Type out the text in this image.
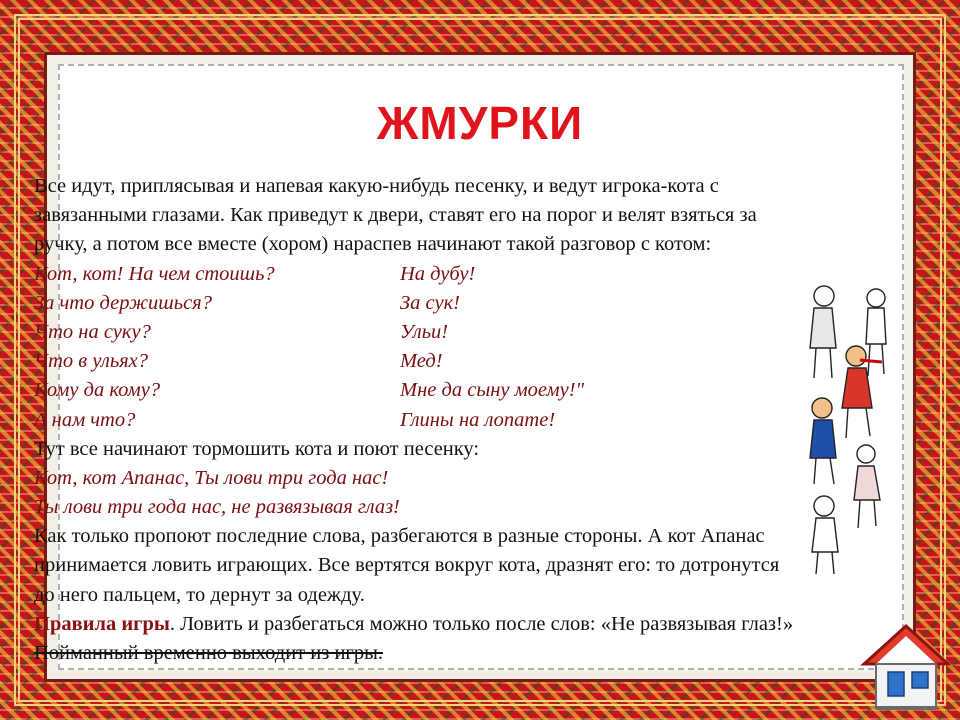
ЖМУРКИ
Все идут, приплясывая и напевая какую-нибудь песенку, и ведут игрока-кота с
завязанными глазами. Как приведут к двери, ставят его на порог и велят взяться за
ручку, а потом все вместе (хором) нараспев начинают такой разговор с котом:
Кот, кот! На чем стоишь?	На дубу!
За что держишься?	За сук!
Что на суку?	Ульи!
Что в ульях?	Мед!
Кому да кому?	Мне да сыну моему!"
А нам что?	Глины на лопате!
Тут все начинают тормошить кота и поют песенку:
Кот, кот Апанас, Ты лови три года нас!
Ты лови три года нас, не развязывая глаз!
Как только пропоют последние слова, разбегаются в разные стороны. А кот Апанас
принимается ловить играющих. Все вертятся вокруг кота, дразнят его: то дотронутся
до него пальцем, то дернут за одежду.
Правила игры. Ловить и разбегаться можно только после слов: «Не развязывая глаз!»
Пойманный временно выходит из игры.
